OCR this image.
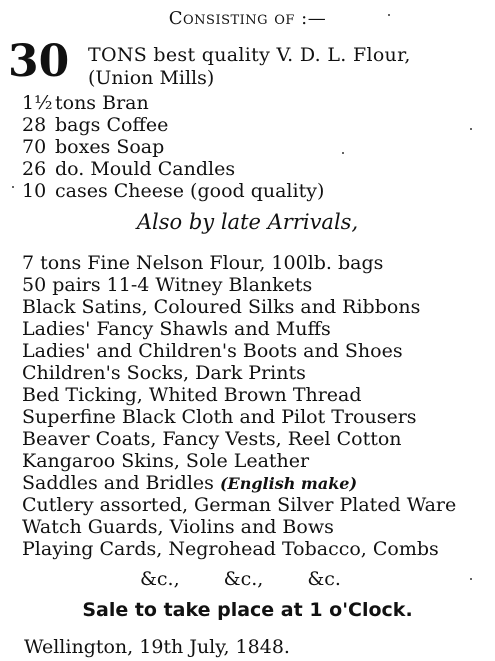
Consisting of :—
30 TONS best quality V. D. L. Flour,
(Union Mills)
1½ tons Bran
28 bags Coffee
70 boxes Soap
26 do. Mould Candles
10 cases Cheese (good quality)
Also by late Arrivals,
7 tons Fine Nelson Flour, 100lb. bags
50 pairs 11-4 Witney Blankets
Black Satins, Coloured Silks and Ribbons
Ladies' Fancy Shawls and Muffs
Ladies' and Children's Boots and Shoes
Children's Socks, Dark Prints
Bed Ticking, Whited Brown Thread
Superfine Black Cloth and Pilot Trousers
Beaver Coats, Fancy Vests, Reel Cotton
Kangaroo Skins, Sole Leather
Saddles and Bridles (English make)
Cutlery assorted, German Silver Plated Ware
Watch Guards, Violins and Bows
Playing Cards, Negrohead Tobacco, Combs
&c., &c., &c.
Sale to take place at 1 o'Clock.
Wellington, 19th July, 1848.
